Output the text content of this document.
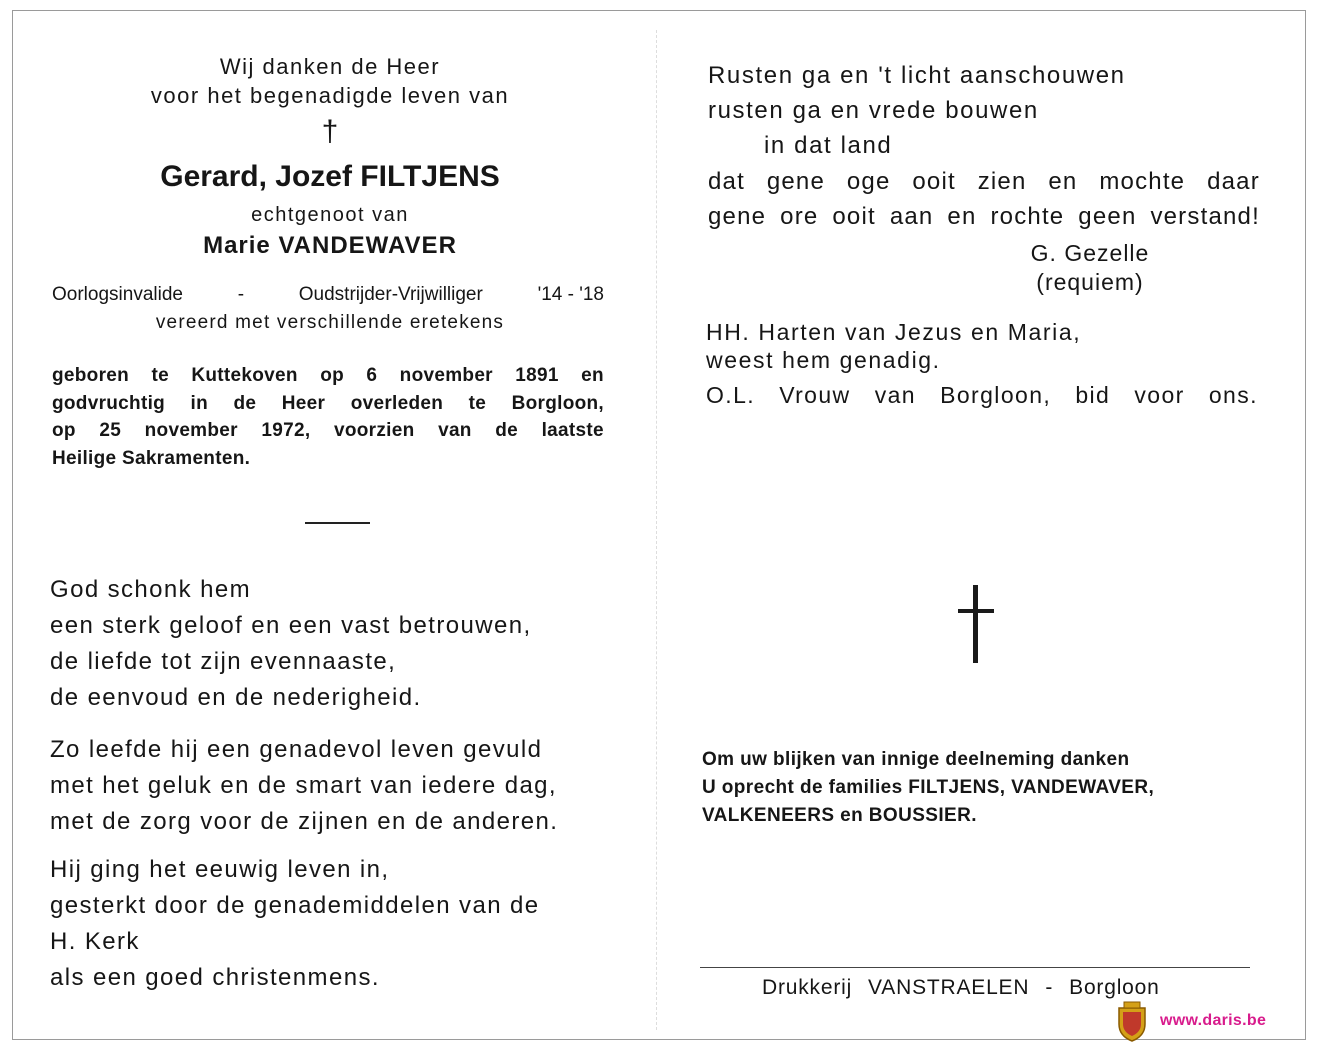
Wij danken de Heer
voor het begenadigde leven van
†
Gerard, Jozef FILTJENS
echtgenoot van
Marie VANDEWAVER
Oorlogsinvalide	-	Oudstrijder-Vrijwilliger	'14 - '18
vereerd met verschillende eretekens
geboren te Kuttekoven op 6 november 1891 en
godvruchtig in de Heer overleden te Borgloon,
op 25 november 1972, voorzien van de laatste
Heilige Sakramenten.
God schonk hem
een sterk geloof en een vast betrouwen,
de liefde tot zijn evennaaste,
de eenvoud en de nederigheid.
Zo leefde hij een genadevol leven gevuld
met het geluk en de smart van iedere dag,
met de zorg voor de zijnen en de anderen.
Hij ging het eeuwig leven in,
gesterkt door de genademiddelen van de
H. Kerk
als een goed christenmens.
Rusten ga en 't licht aanschouwen
rusten ga en vrede bouwen
in dat land
dat gene oge ooit zien en mochte daar
gene ore ooit aan en rochte geen verstand!
G. Gezelle
(requiem)
HH. Harten van Jezus en Maria,
weest hem genadig.
O.L. Vrouw van Borgloon, bid voor ons.
Om uw blijken van innige deelneming danken
U oprecht de families FILTJENS, VANDEWAVER,
VALKENEERS en BOUSSIER.
Drukkerij VANSTRAELEN - Borgloon
www.daris.be
